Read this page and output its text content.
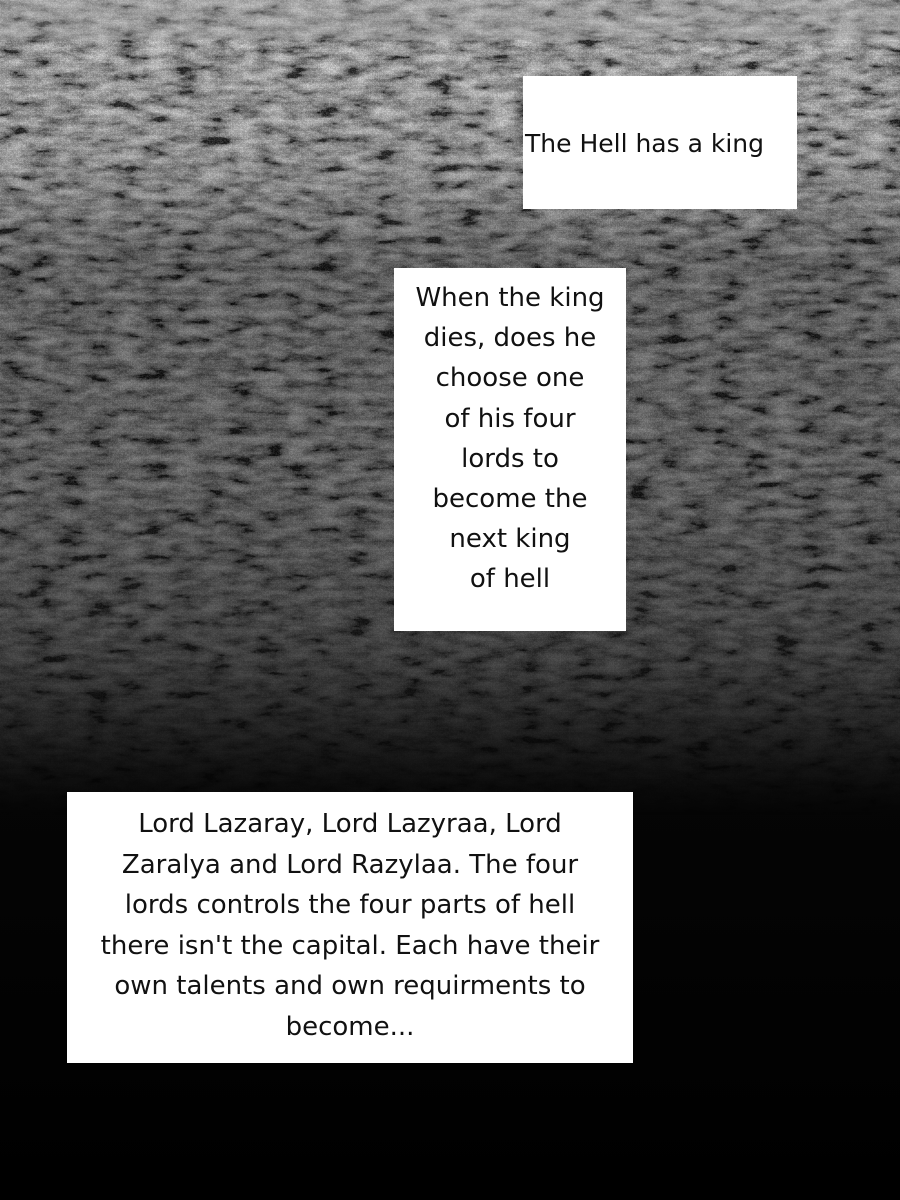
The Hell has a king
When the king
dies, does he
choose one
of his four
lords to
become the
next king
of hell
Lord Lazaray, Lord Lazyraa, Lord
Zaralya and Lord Razylaa. The four
lords controls the four parts of hell
there isn't the capital. Each have their
own talents and own requirments to
become...
